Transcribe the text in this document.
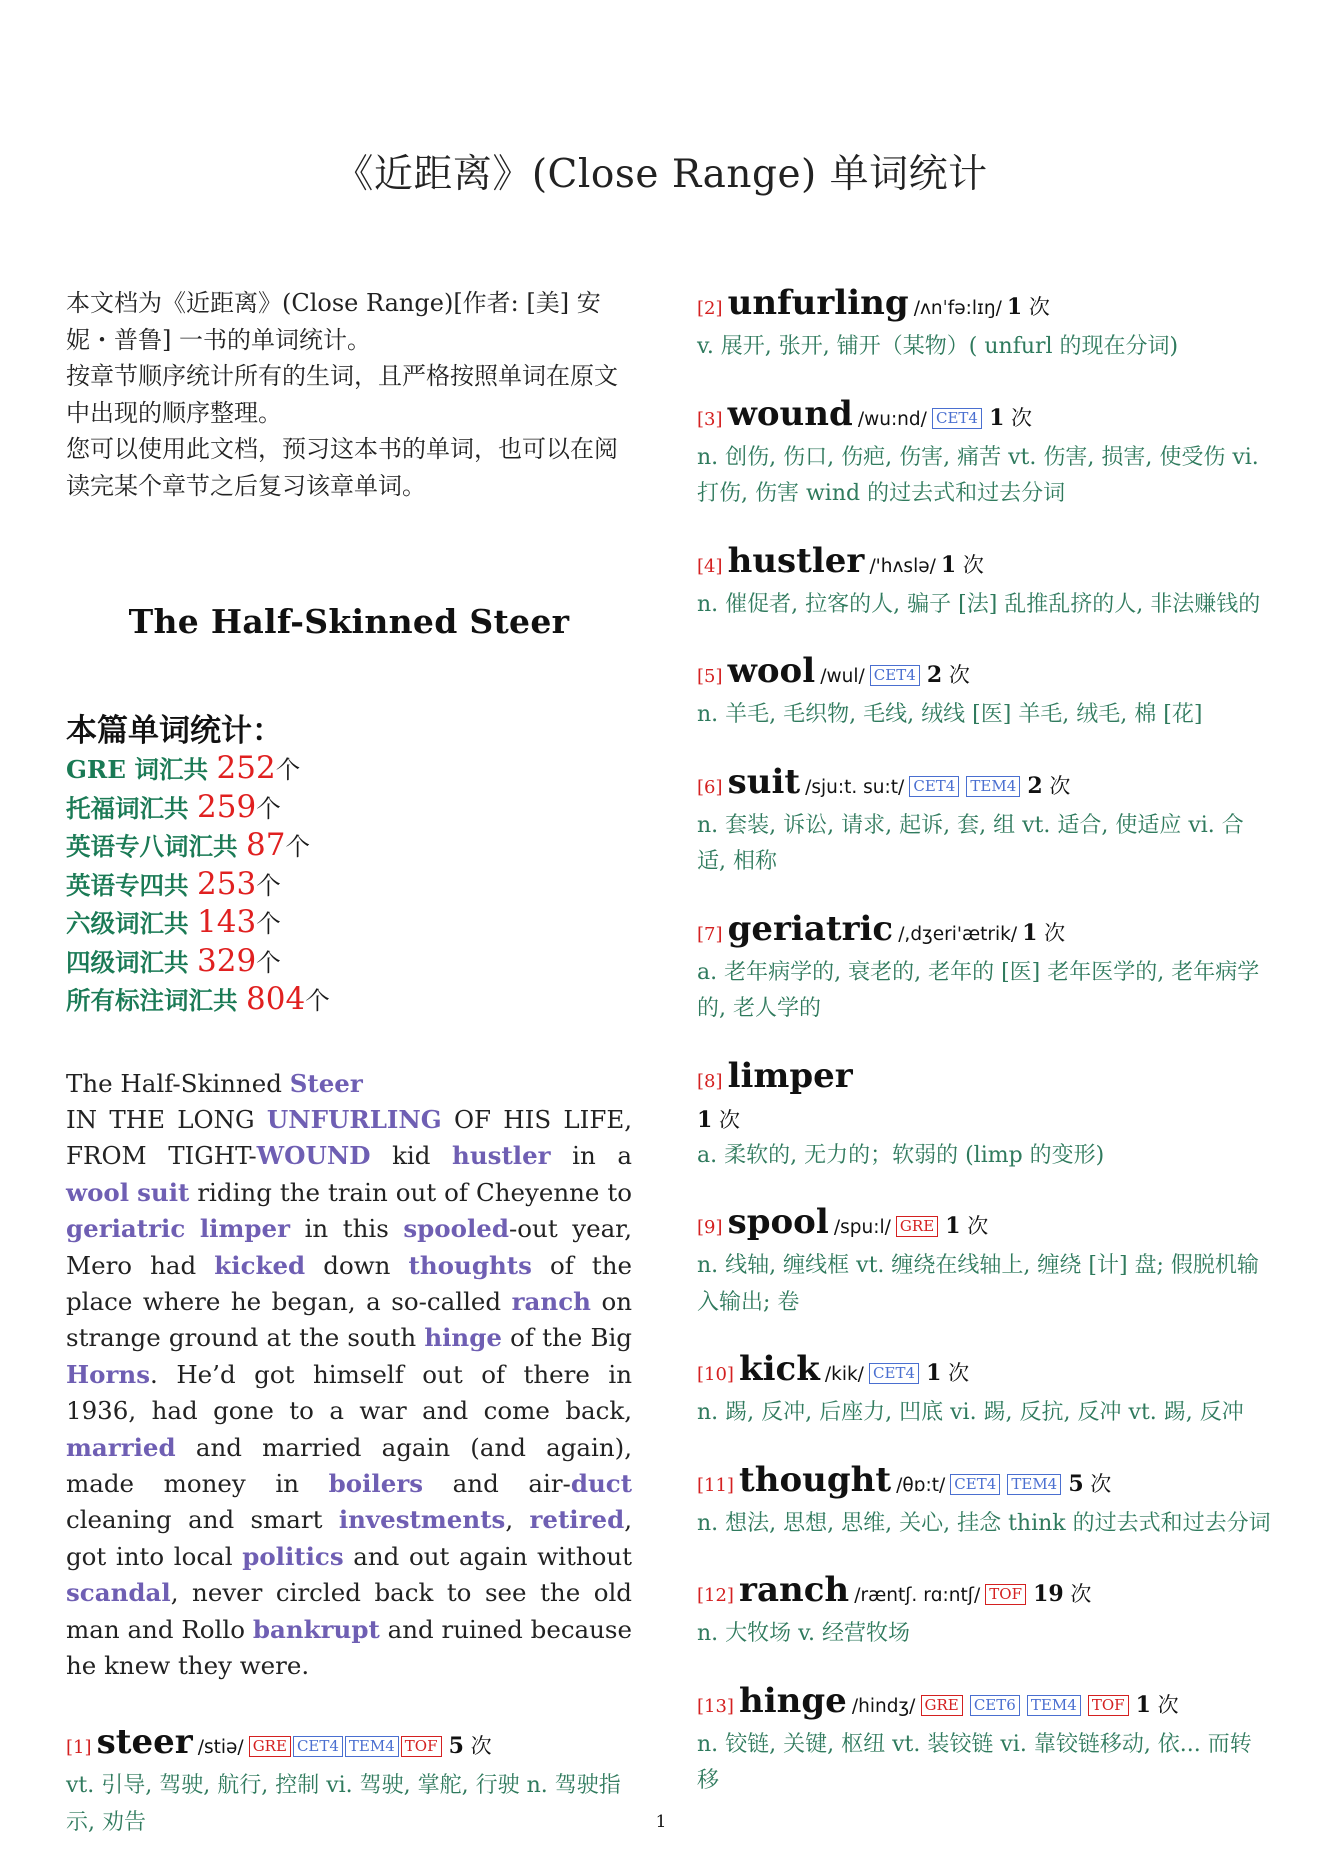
《近距离》(Close Range) 单词统计

本文档为《近距离》(Close Range)[作者: [美] 安妮・普鲁] 一书的单词统计。

按章节顺序统计所有的生词，且严格按照单词在原文中出现的顺序整理。

您可以使用此文档，预习这本书的单词，也可以在阅读完某个章节之后复习该章单词。

The Half-Skinned Steer
本篇单词统计：
GRE 词汇共 252个
托福词汇共 259个
英语专八词汇共 87个
英语专四共 253个
六级词汇共 143个
四级词汇共 329个
所有标注词汇共 804个
The Half-Skinned Steer
IN THE LONG UNFURLING OF HIS LIFE, FROM TIGHT-WOUND kid hustler in a wool suit riding the train out of Cheyenne to geriatric limper in this spooled-out year, Mero had kicked down thoughts of the place where he began, a so-called ranch on strange ground at the south hinge of the Big Horns. He’d got himself out of there in 1936, had gone to a war and come back, married and married again (and again), made money in boilers and air-duct cleaning and smart investments, retired, got into local politics and out again without scandal, never circled back to see the old man and Rollo bankrupt and ruined because he knew they were.
[1] steer /stiə/ GRE CET4 TEM4 TOF 5 次
vt. 引导, 驾驶, 航行, 控制 vi. 驾驶, 掌舵, 行驶 n. 驾驶指示, 劝告
[2] unfurling /ʌnˈfə:lɪŋ/ 1 次
v. 展开, 张开, 铺开（某物）( unfurl 的现在分词)
[3] wound /wu:nd/ CET4 1 次
n. 创伤, 伤口, 伤疤, 伤害, 痛苦 vt. 伤害, 损害, 使受伤 vi. 打伤, 伤害 wind 的过去式和过去分词
[4] hustler /'hʌslə/ 1 次
n. 催促者, 拉客的人, 骗子 [法] 乱推乱挤的人, 非法赚钱的
[5] wool /wul/ CET4 2 次
n. 羊毛, 毛织物, 毛线, 绒线 [医] 羊毛, 绒毛, 棉 [花]
[6] suit /sju:t. su:t/ CET4 TEM4 2 次
n. 套装, 诉讼, 请求, 起诉, 套, 组 vt. 适合, 使适应 vi. 合适, 相称
[7] geriatric /,dʒeri'ætrik/ 1 次
a. 老年病学的, 衰老的, 老年的 [医] 老年医学的, 老年病学的, 老人学的
[8] limper
1 次
a. 柔软的, 无力的；软弱的 (limp 的变形)
[9] spool /spu:l/ GRE 1 次
n. 线轴, 缠线框 vt. 缠绕在线轴上, 缠绕 [计] 盘; 假脱机输入输出; 卷
[10] kick /kik/ CET4 1 次
n. 踢, 反冲, 后座力, 凹底 vi. 踢, 反抗, 反冲 vt. 踢, 反冲
[11] thought /θɒ:t/ CET4 TEM4 5 次
n. 想法, 思想, 思维, 关心, 挂念 think 的过去式和过去分词
[12] ranch /ræntʃ. rɑ:ntʃ/ TOF 19 次
n. 大牧场 v. 经营牧场
[13] hinge /hindʒ/ GRE CET6 TEM4 TOF 1 次
n. 铰链, 关键, 枢纽 vt. 装铰链 vi. 靠铰链移动, 依... 而转移
1
